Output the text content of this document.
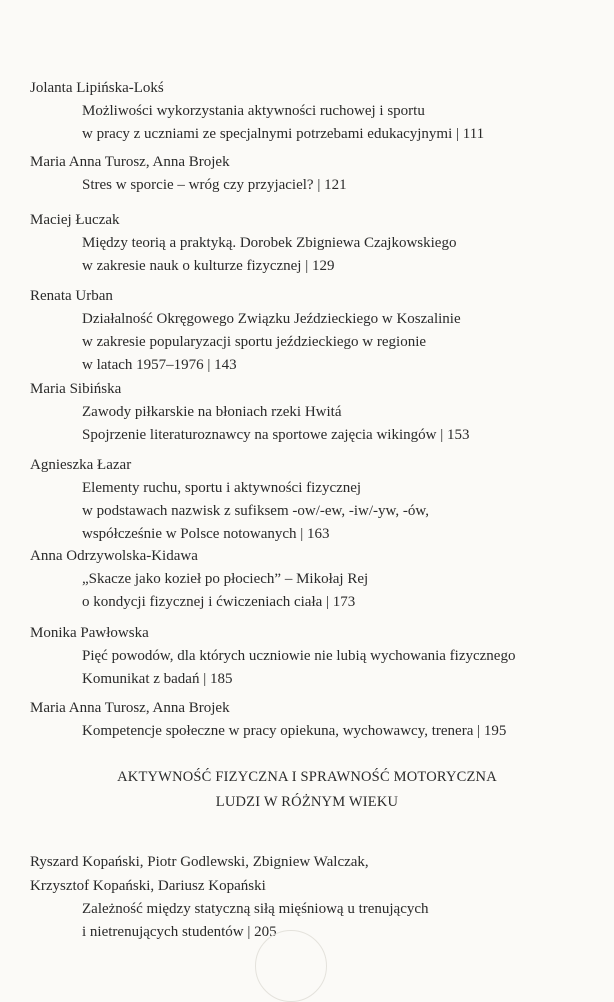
Jolanta Lipińska-Lokś
Możliwości wykorzystania aktywności ruchowej i sportu
w pracy z uczniami ze specjalnymi potrzebami edukacyjnymi | 111
Maria Anna Turosz, Anna Brojek
Stres w sporcie – wróg czy przyjaciel? | 121
Maciej Łuczak
Między teorią a praktyką. Dorobek Zbigniewa Czajkowskiego
w zakresie nauk o kulturze fizycznej | 129
Renata Urban
Działalność Okręgowego Związku Jeździeckiego w Koszalinie
w zakresie popularyzacji sportu jeździeckiego w regionie
w latach 1957–1976 | 143
Maria Sibińska
Zawody piłkarskie na błoniach rzeki Hwitá
Spojrzenie literaturoznawcy na sportowe zajęcia wikingów | 153
Agnieszka Łazar
Elementy ruchu, sportu i aktywności fizycznej
w podstawach nazwisk z sufiksem -ow/-ew, -iw/-yw, -ów,
współcześnie w Polsce notowanych | 163
Anna Odrzywolska-Kidawa
„Skacze jako kozieł po płociech” – Mikołaj Rej
o kondycji fizycznej i ćwiczeniach ciała | 173
Monika Pawłowska
Pięć powodów, dla których uczniowie nie lubią wychowania fizycznego
Komunikat z badań | 185
Maria Anna Turosz, Anna Brojek
Kompetencje społeczne w pracy opiekuna, wychowawcy, trenera | 195
AKTYWNOŚĆ FIZYCZNA I SPRAWNOŚĆ MOTORYCZNA
LUDZI W RÓŻNYM WIEKU
Ryszard Kopański, Piotr Godlewski, Zbigniew Walczak,
Krzysztof Kopański, Dariusz Kopański
Zależność między statyczną siłą mięśniową u trenujących
i nietrenujących studentów | 205
